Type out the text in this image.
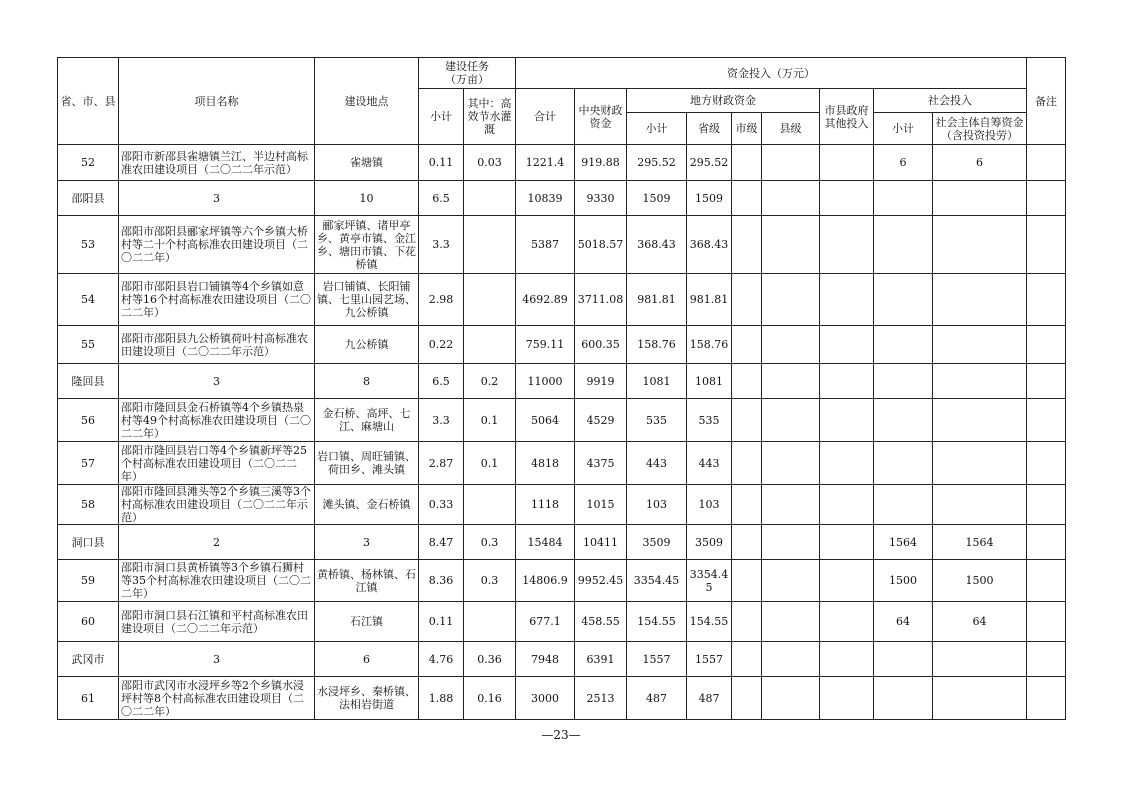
省、市、县	项目名称	建设地点	建设任务
（万亩）		资金投入（万元）									备注
			小计	其中：高效节水灌溉	合计	中央财政资金	地方财政资金				市县政府其他投入	社会投入		
							小计	省级	市级	县级		小计	社会主体自筹资金（含投资投劳）	
52	邵阳市新邵县雀塘镇兰江、半边村高标准农田建设项目（二〇二二年示范）	雀塘镇	0.11	0.03	1221.4	919.88	295.52	295.52				6	6	
邵阳县	3	10	6.5		10839	9330	1509	1509						
53	邵阳市邵阳县郦家坪镇等六个乡镇大桥村等二十个村高标准农田建设项目（二〇二二年）	郦家坪镇、诸甲亭乡、黄亭市镇、金江乡、塘田市镇、下花桥镇	3.3		5387	5018.57	368.43	368.43						
54	邵阳市邵阳县岩口铺镇等4个乡镇如意村等16个村高标准农田建设项目（二〇二二年）	岩口铺镇、长阳铺镇、七里山园艺场、九公桥镇	2.98		4692.89	3711.08	981.81	981.81						
55	邵阳市邵阳县九公桥镇荷叶村高标准农田建设项目（二〇二二年示范）	九公桥镇	0.22		759.11	600.35	158.76	158.76						
隆回县	3	8	6.5	0.2	11000	9919	1081	1081						
56	邵阳市隆回县金石桥镇等4个乡镇热泉村等49个村高标准农田建设项目（二〇二二年）	金石桥、高坪、七江、麻塘山	3.3	0.1	5064	4529	535	535						
57	邵阳市隆回县岩口等4个乡镇新坪等25个村高标准农田建设项目（二〇二二年）	岩口镇、周旺铺镇、荷田乡、滩头镇	2.87	0.1	4818	4375	443	443						
58	邵阳市隆回县滩头等2个乡镇三溪等3个村高标准农田建设项目（二〇二二年示范）	滩头镇、金石桥镇	0.33		1118	1015	103	103						
洞口县	2	3	8.47	0.3	15484	10411	3509	3509				1564	1564	
59	邵阳市洞口县黄桥镇等3个乡镇石狮村等35个村高标准农田建设项目（二〇二二年）	黄桥镇、杨林镇、石江镇	8.36	0.3	14806.9	9952.45	3354.45	3354.45				1500	1500	
60	邵阳市洞口县石江镇和平村高标准农田建设项目（二〇二二年示范）	石江镇	0.11		677.1	458.55	154.55	154.55				64	64	
武冈市	3	6	4.76	0.36	7948	6391	1557	1557						
61	邵阳市武冈市水浸坪乡等2个乡镇水浸坪村等8个村高标准农田建设项目（二〇二二年）	水浸坪乡、秦桥镇、法相岩街道	1.88	0.16	3000	2513	487	487						
—23—
